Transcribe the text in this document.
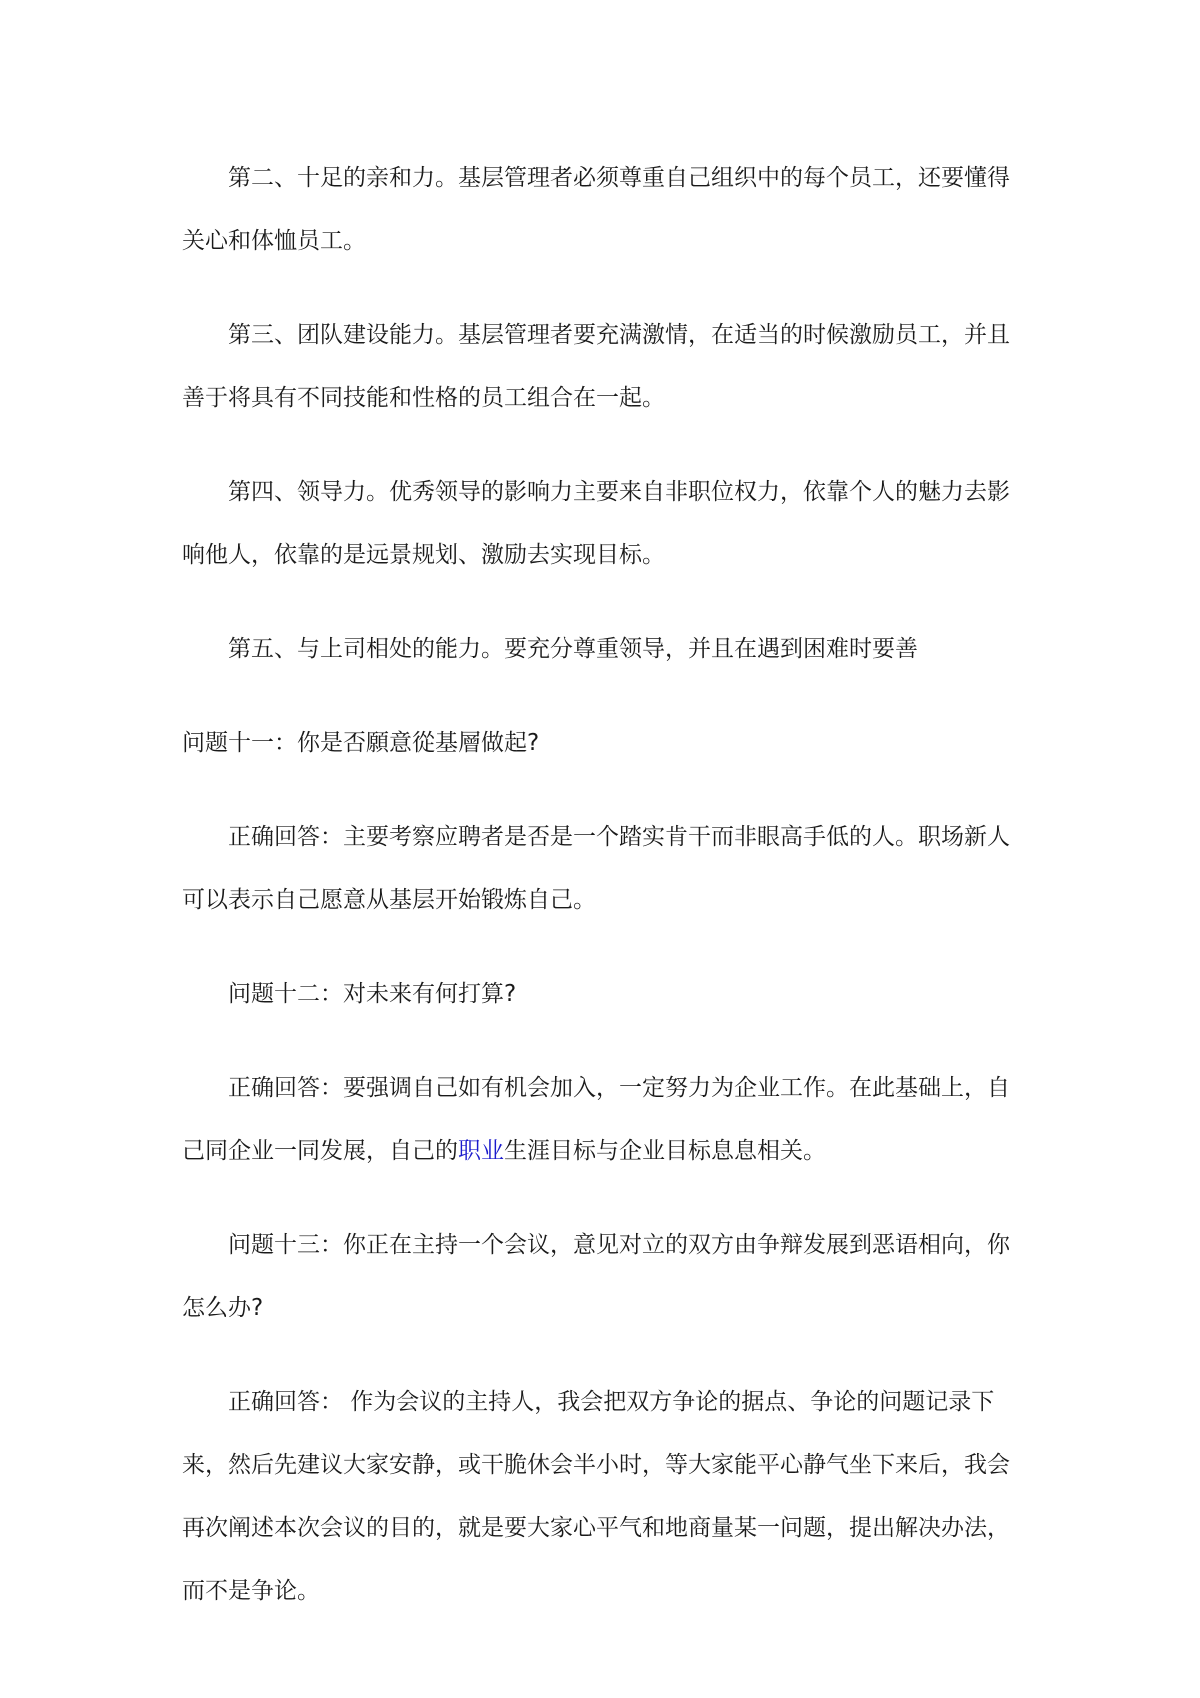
第二、十足的亲和力。基层管理者必须尊重自己组织中的每个员工，还要懂得关心和体恤员工。

第三、团队建设能力。基层管理者要充满激情，在适当的时候激励员工，并且善于将具有不同技能和性格的员工组合在一起。

第四、领导力。优秀领导的影响力主要来自非职位权力，依靠个人的魅力去影响他人，依靠的是远景规划、激励去实现目标。

第五、与上司相处的能力。要充分尊重领导，并且在遇到困难时要善

问题十一：你是否願意從基層做起?

正确回答：主要考察应聘者是否是一个踏实肯干而非眼高手低的人。职场新人可以表示自己愿意从基层开始锻炼自己。

问题十二：对未来有何打算?

正确回答：要强调自己如有机会加入，一定努力为企业工作。在此基础上，自己同企业一同发展，自己的职业生涯目标与企业目标息息相关。

问题十三：你正在主持一个会议，意见对立的双方由争辩发展到恶语相向，你怎么办?

正确回答： 作为会议的主持人，我会把双方争论的据点、争论的问题记录下来，然后先建议大家安静，或干脆休会半小时，等大家能平心静气坐下来后，我会再次阐述本次会议的目的，就是要大家心平气和地商量某一问题，提出解决办法，而不是争论。
